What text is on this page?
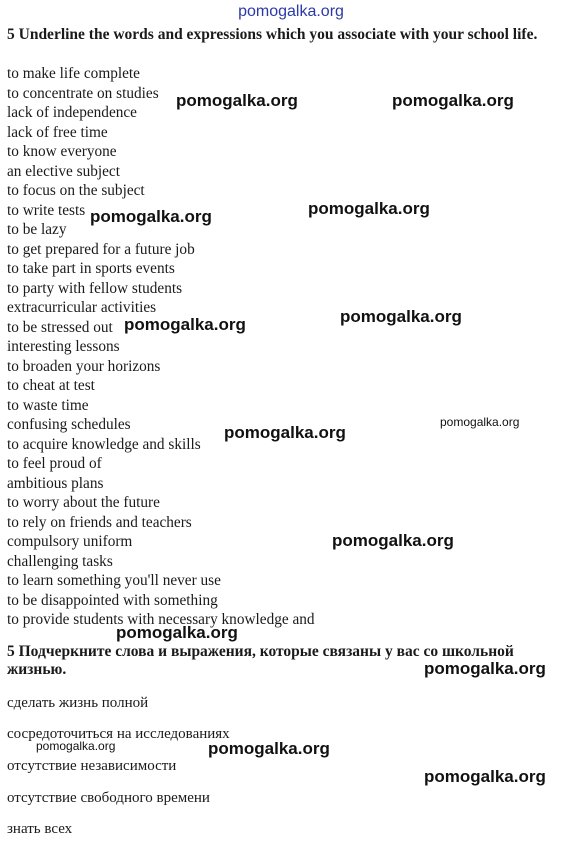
pomogalka.org
5 Underline the words and expressions which you associate with your school life.
to make life complete
to concentrate on studies
lack of independence
lack of free time
to know everyone
an elective subject
to focus on the subject
to write tests
to be lazy
to get prepared for a future job
to take part in sports events
to party with fellow students
extracurricular activities
to be stressed out
interesting lessons
to broaden your horizons
to cheat at test
to waste time
confusing schedules
to acquire knowledge and skills
to feel proud of
ambitious plans
to worry about the future
to rely on friends and teachers
compulsory uniform
challenging tasks
to learn something you'll never use
to be disappointed with something
to provide students with necessary knowledge and
5 Подчеркните слова и выражения, которые связаны у вас со школьной жизнью.
сделать жизнь полной
сосредоточиться на исследованиях
отсутствие независимости
отсутствие свободного времени
знать всех
pomogalka.org	pomogalka.org
pomogalka.org
pomogalka.org
pomogalka.org
pomogalka.org
pomogalka.org
pomogalka.org
pomogalka.org
pomogalka.org
pomogalka.org
pomogalka.org	pomogalka.org
pomogalka.org
